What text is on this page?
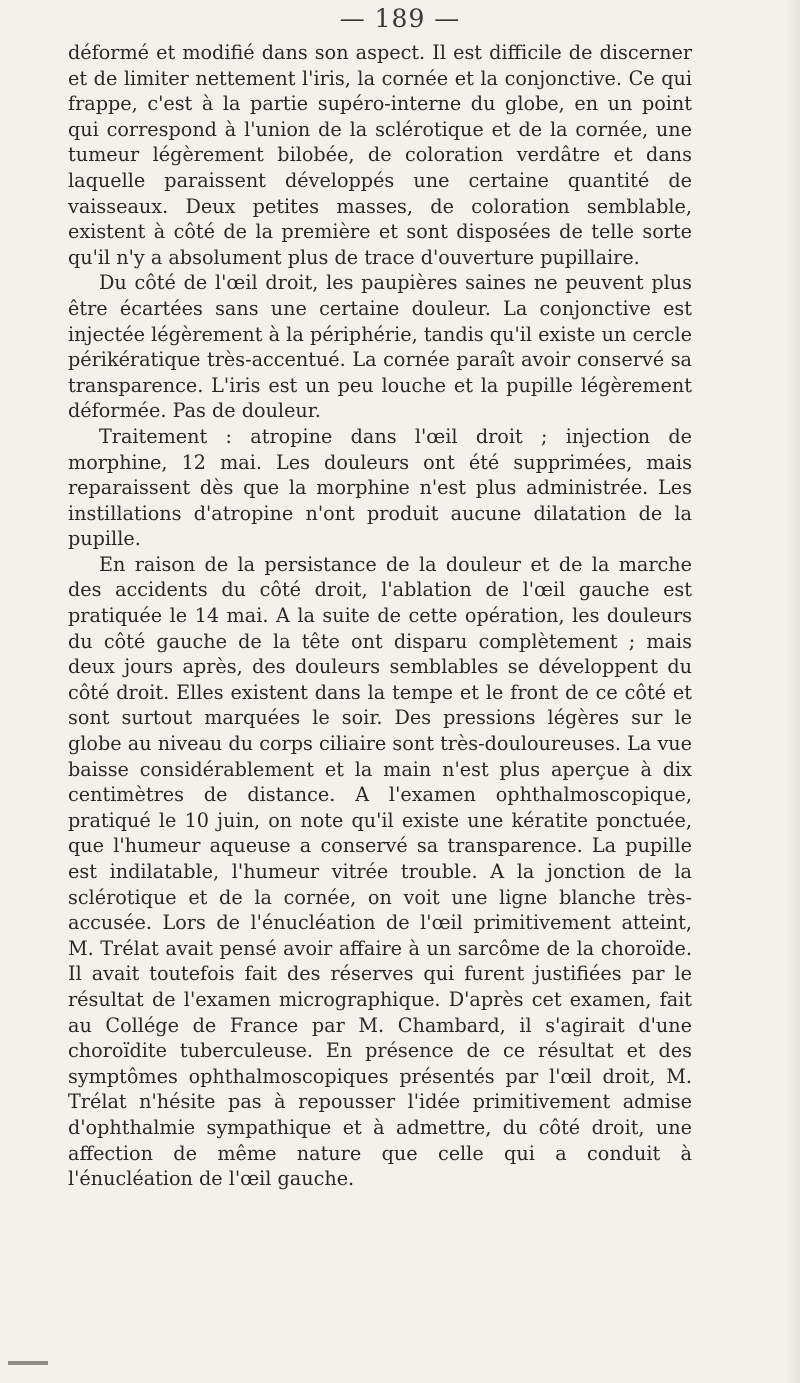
— 189 —

déformé et modifié dans son aspect. Il est difficile de discerner et de limiter nettement l'iris, la cornée et la conjonctive. Ce qui frappe, c'est à la partie supéro-interne du globe, en un point qui correspond à l'union de la sclérotique et de la cornée, une tumeur légèrement bilobée, de coloration verdâtre et dans laquelle paraissent développés une certaine quantité de vaisseaux. Deux petites masses, de coloration semblable, existent à côté de la première et sont disposées de telle sorte qu'il n'y a absolument plus de trace d'ouverture pupillaire.

Du côté de l'œil droit, les paupières saines ne peuvent plus être écartées sans une certaine douleur. La conjonctive est injectée légèrement à la périphérie, tandis qu'il existe un cercle périkératique très-accentué. La cornée paraît avoir conservé sa transparence. L'iris est un peu louche et la pupille légèrement déformée. Pas de douleur.

Traitement : atropine dans l'œil droit ; injection de morphine, 12 mai. Les douleurs ont été supprimées, mais reparaissent dès que la morphine n'est plus administrée. Les instillations d'atropine n'ont produit aucune dilatation de la pupille.

En raison de la persistance de la douleur et de la marche des accidents du côté droit, l'ablation de l'œil gauche est pratiquée le 14 mai. A la suite de cette opération, les douleurs du côté gauche de la tête ont disparu complètement ; mais deux jours après, des douleurs semblables se développent du côté droit. Elles existent dans la tempe et le front de ce côté et sont surtout marquées le soir. Des pressions légères sur le globe au niveau du corps ciliaire sont très-douloureuses. La vue baisse considérablement et la main n'est plus aperçue à dix centimètres de distance. A l'examen ophthalmoscopique, pratiqué le 10 juin, on note qu'il existe une kératite ponctuée, que l'humeur aqueuse a conservé sa transparence. La pupille est indilatable, l'humeur vitrée trouble. A la jonction de la sclérotique et de la cornée, on voit une ligne blanche très-accusée. Lors de l'énucléation de l'œil primitivement atteint, M. Trélat avait pensé avoir affaire à un sarcôme de la choroïde. Il avait toutefois fait des réserves qui furent justifiées par le résultat de l'examen micrographique. D'après cet examen, fait au Collége de France par M. Chambard, il s'agirait d'une choroïdite tuberculeuse. En présence de ce résultat et des symptômes ophthalmoscopiques présentés par l'œil droit, M. Trélat n'hésite pas à repousser l'idée primitivement admise d'ophthalmie sympathique et à admettre, du côté droit, une affection de même nature que celle qui a conduit à l'énucléation de l'œil gauche.
